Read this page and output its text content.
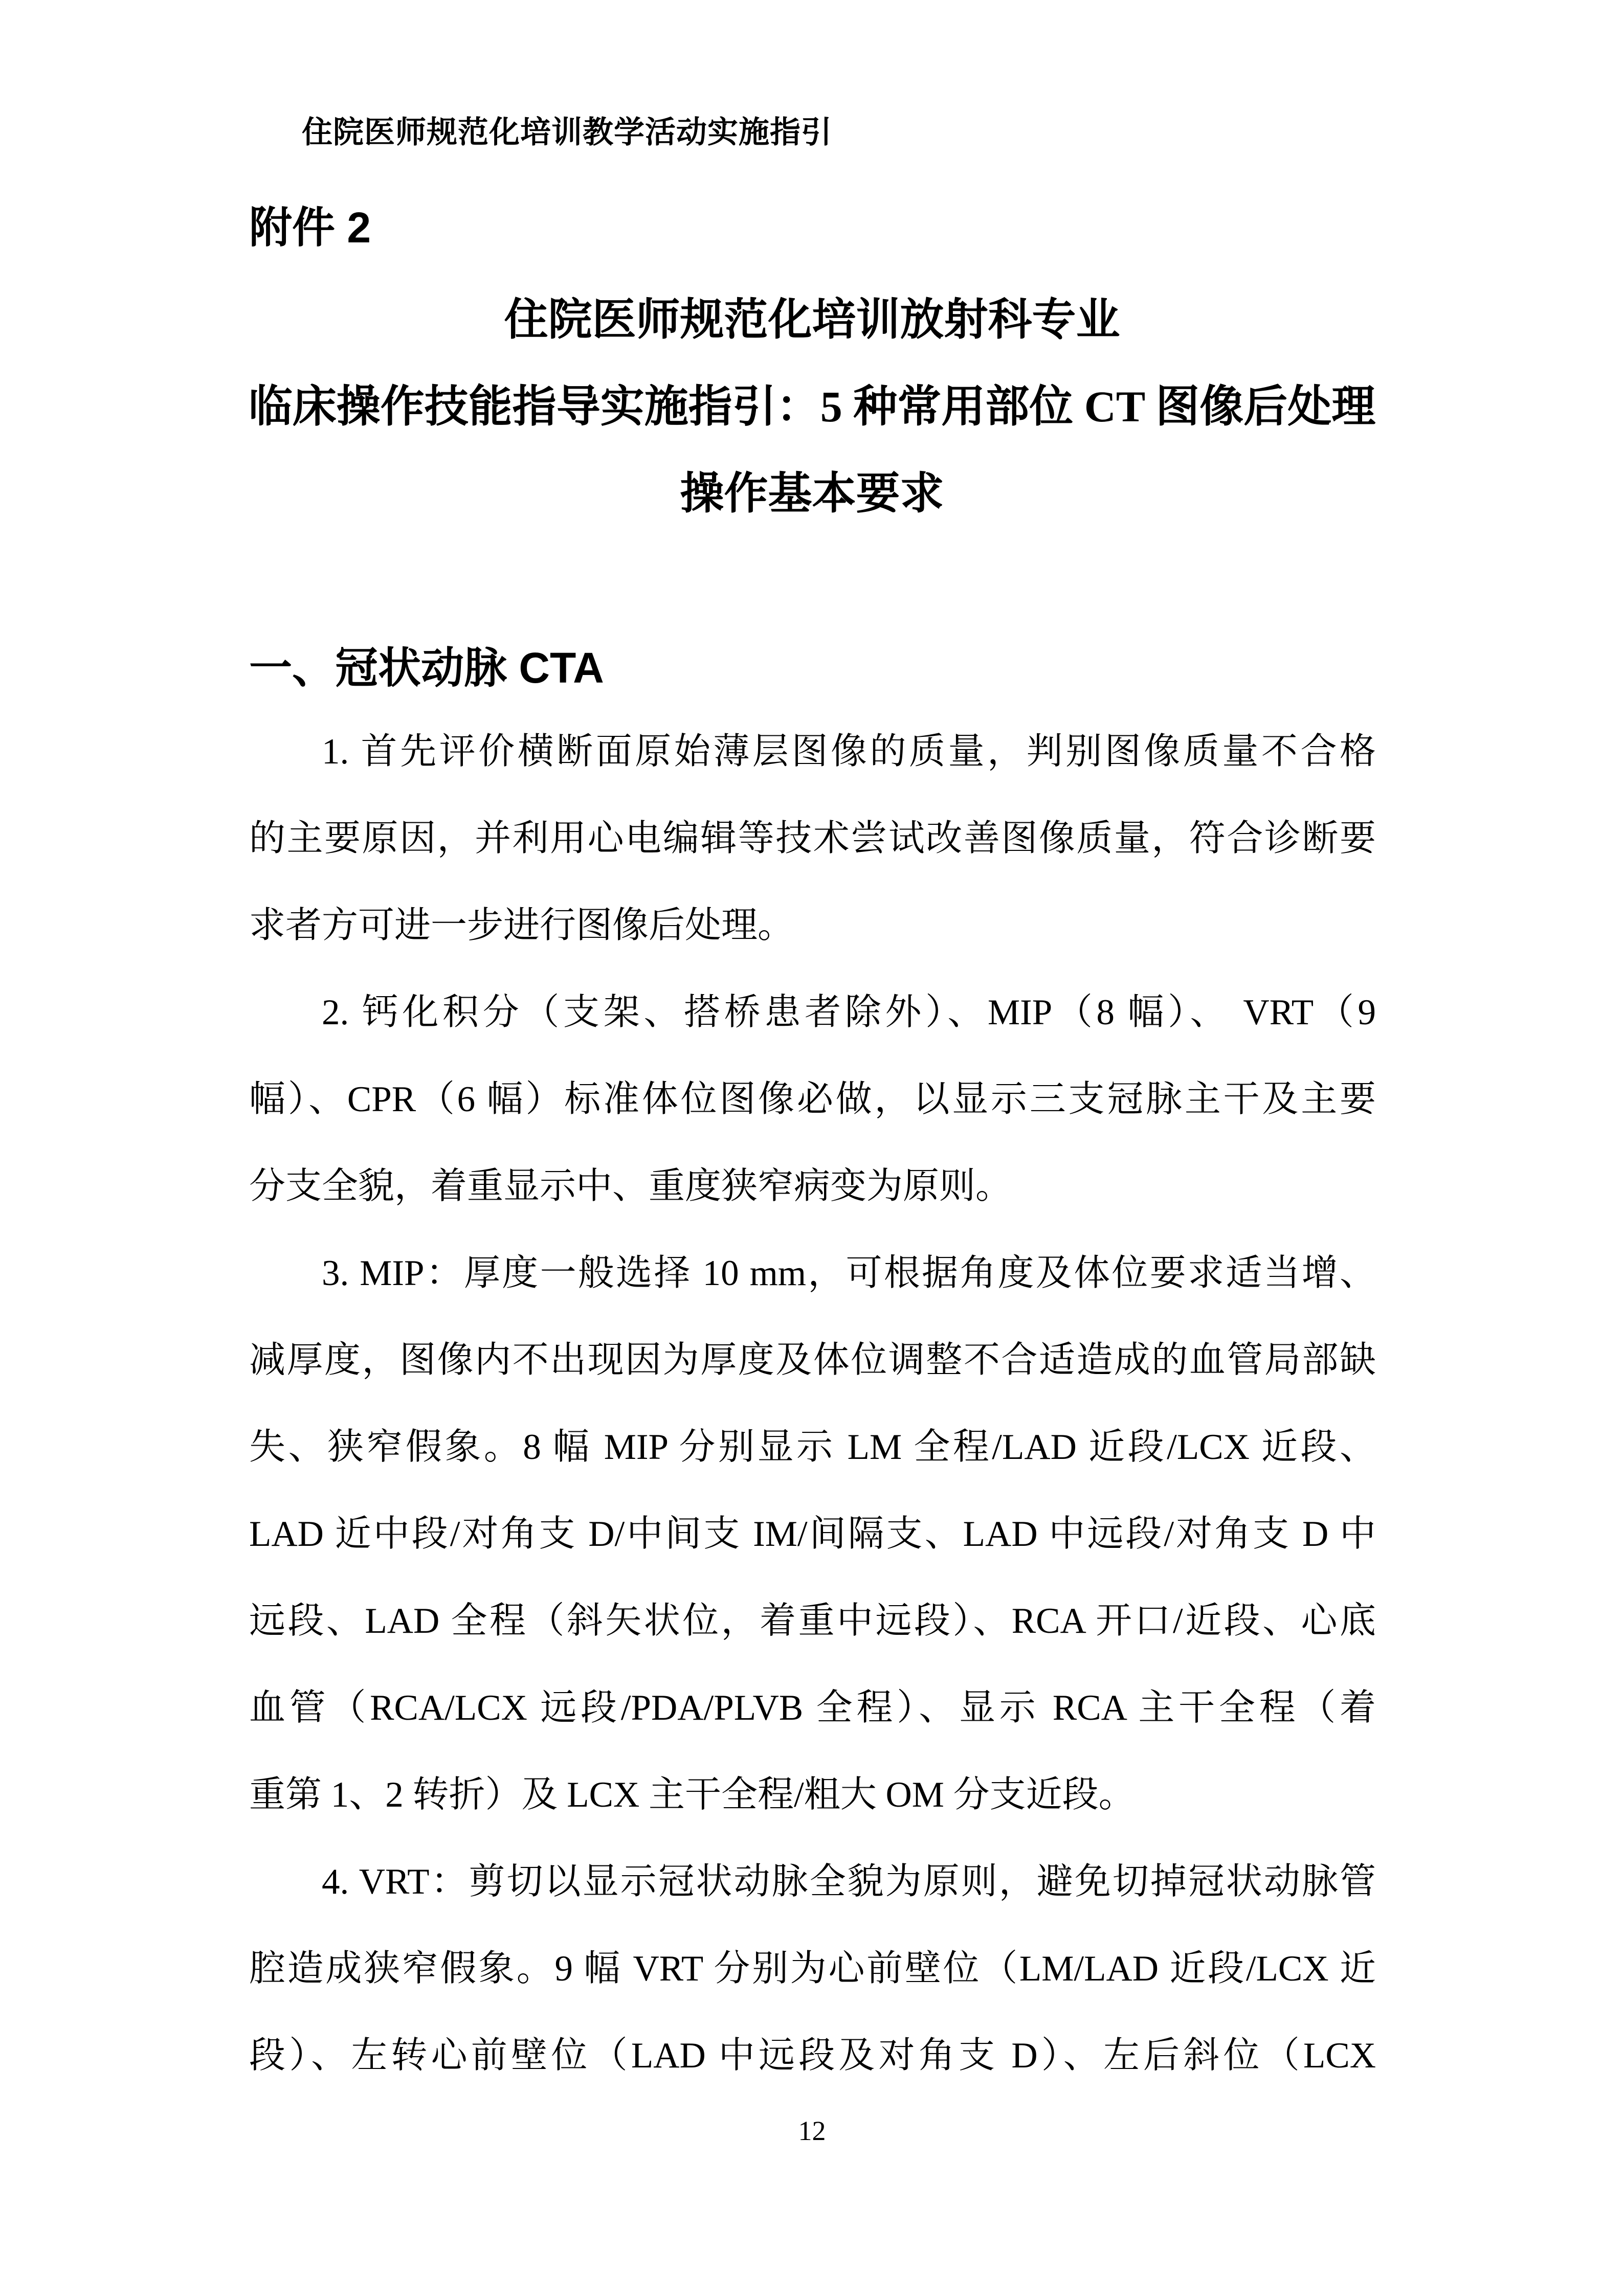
住院医师规范化培训教学活动实施指引
附件 2
住院医师规范化培训放射科专业
临床操作技能指导实施指引：5 种常用部位 CT 图像后处理
操作基本要求
一、冠状动脉 CTA
1. 首先评价横断面原始薄层图像的质量，判别图像质量不合格
的主要原因，并利用心电编辑等技术尝试改善图像质量，符合诊断要
求者方可进一步进行图像后处理。
2. 钙化积分（支架、搭桥患者除外）、MIP（8 幅）、 VRT（9
幅）、CPR（6 幅）标准体位图像必做，以显示三支冠脉主干及主要
分支全貌，着重显示中、重度狭窄病变为原则。
3. MIP：厚度一般选择 10 mm，可根据角度及体位要求适当增、
减厚度，图像内不出现因为厚度及体位调整不合适造成的血管局部缺
失、狭窄假象。8 幅 MIP 分别显示 LM 全程/LAD 近段/LCX 近段、
LAD 近中段/对角支 D/中间支 IM/间隔支、LAD 中远段/对角支 D 中
远段、LAD 全程（斜矢状位，着重中远段）、RCA 开口/近段、心底
血管（RCA/LCX 远段/PDA/PLVB 全程）、显示 RCA 主干全程（着
重第 1、2 转折）及 LCX 主干全程/粗大 OM 分支近段。
4. VRT：剪切以显示冠状动脉全貌为原则，避免切掉冠状动脉管
腔造成狭窄假象。9 幅 VRT 分别为心前壁位（LM/LAD 近段/LCX 近
段）、左转心前壁位（LAD 中远段及对角支 D）、左后斜位（LCX
12
